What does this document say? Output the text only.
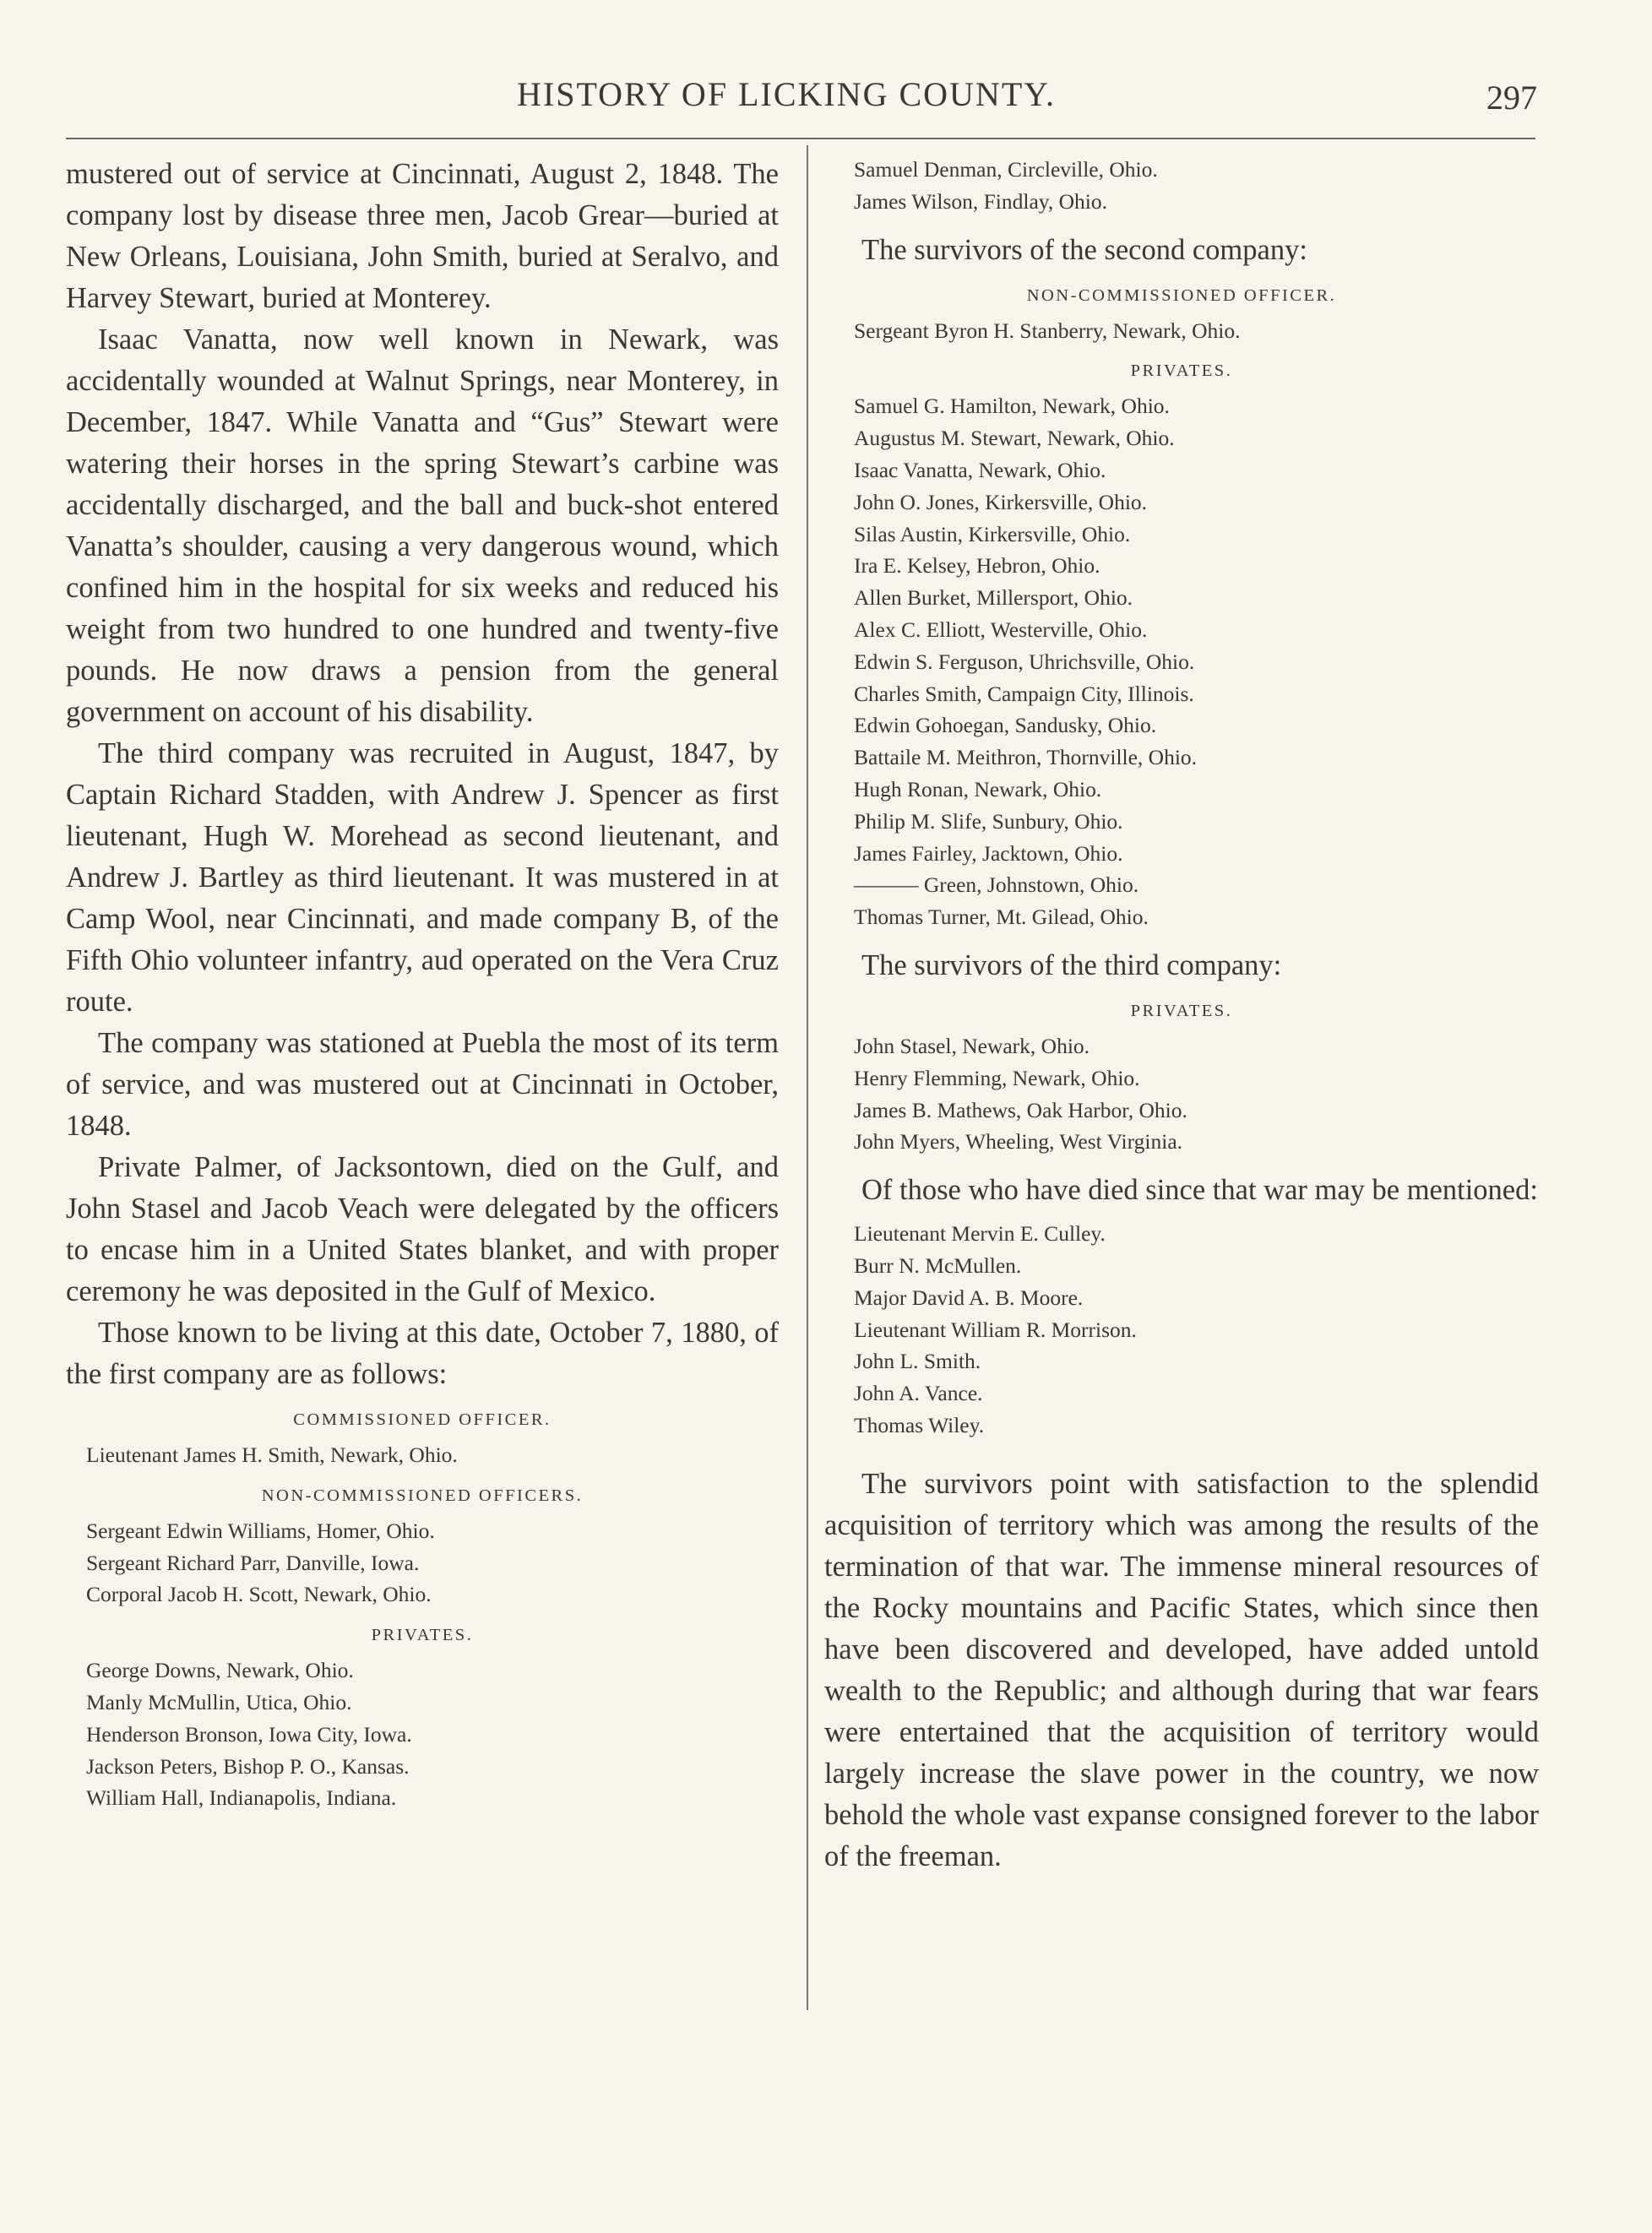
HISTORY OF LICKING COUNTY.	297

mustered out of service at Cincinnati, August 2, 1848. The company lost by disease three men, Jacob Grear—buried at New Orleans, Louisiana, John Smith, buried at Seralvo, and Harvey Stewart, buried at Monterey.

Isaac Vanatta, now well known in Newark, was accidentally wounded at Walnut Springs, near Monterey, in December, 1847. While Vanatta and “Gus” Stewart were watering their horses in the spring Stewart’s carbine was accidentally discharged, and the ball and buck-shot entered Vanatta’s shoulder, causing a very dangerous wound, which confined him in the hospital for six weeks and reduced his weight from two hundred to one hundred and twenty-five pounds. He now draws a pension from the general government on account of his disability.

The third company was recruited in August, 1847, by Captain Richard Stadden, with Andrew J. Spencer as first lieutenant, Hugh W. Morehead as second lieutenant, and Andrew J. Bartley as third lieutenant. It was mustered in at Camp Wool, near Cincinnati, and made company B, of the Fifth Ohio volunteer infantry, aud operated on the Vera Cruz route.

The company was stationed at Puebla the most of its term of service, and was mustered out at Cincinnati in October, 1848.

Private Palmer, of Jacksontown, died on the Gulf, and John Stasel and Jacob Veach were delegated by the officers to encase him in a United States blanket, and with proper ceremony he was deposited in the Gulf of Mexico.

Those known to be living at this date, October 7, 1880, of the first company are as follows:

COMMISSIONED OFFICER.
Lieutenant James H. Smith, Newark, Ohio.
NON-COMMISSIONED OFFICERS.
Sergeant Edwin Williams, Homer, Ohio.
Sergeant Richard Parr, Danville, Iowa.
Corporal Jacob H. Scott, Newark, Ohio.
PRIVATES.
George Downs, Newark, Ohio.
Manly McMullin, Utica, Ohio.
Henderson Bronson, Iowa City, Iowa.
Jackson Peters, Bishop P. O., Kansas.
William Hall, Indianapolis, Indiana.
Samuel Denman, Circleville, Ohio.
James Wilson, Findlay, Ohio.
The survivors of the second company:
NON-COMMISSIONED OFFICER.
Sergeant Byron H. Stanberry, Newark, Ohio.
PRIVATES.
Samuel G. Hamilton, Newark, Ohio.
Augustus M. Stewart, Newark, Ohio.
Isaac Vanatta, Newark, Ohio.
John O. Jones, Kirkersville, Ohio.
Silas Austin, Kirkersville, Ohio.
Ira E. Kelsey, Hebron, Ohio.
Allen Burket, Millersport, Ohio.
Alex C. Elliott, Westerville, Ohio.
Edwin S. Ferguson, Uhrichsville, Ohio.
Charles Smith, Campaign City, Illinois.
Edwin Gohoegan, Sandusky, Ohio.
Battaile M. Meithron, Thornville, Ohio.
Hugh Ronan, Newark, Ohio.
Philip M. Slife, Sunbury, Ohio.
James Fairley, Jacktown, Ohio.
——— Green, Johnstown, Ohio.
Thomas Turner, Mt. Gilead, Ohio.
The survivors of the third company:
PRIVATES.
John Stasel, Newark, Ohio.
Henry Flemming, Newark, Ohio.
James B. Mathews, Oak Harbor, Ohio.
John Myers, Wheeling, West Virginia.

Of those who have died since that war may be mentioned:

Lieutenant Mervin E. Culley.
Burr N. McMullen.
Major David A. B. Moore.
Lieutenant William R. Morrison.
John L. Smith.
John A. Vance.
Thomas Wiley.

The survivors point with satisfaction to the splendid acquisition of territory which was among the results of the termination of that war. The immense mineral resources of the Rocky mountains and Pacific States, which since then have been discovered and developed, have added untold wealth to the Republic; and although during that war fears were entertained that the acquisition of territory would largely increase the slave power in the country, we now behold the whole vast expanse consigned forever to the labor of the freeman.
